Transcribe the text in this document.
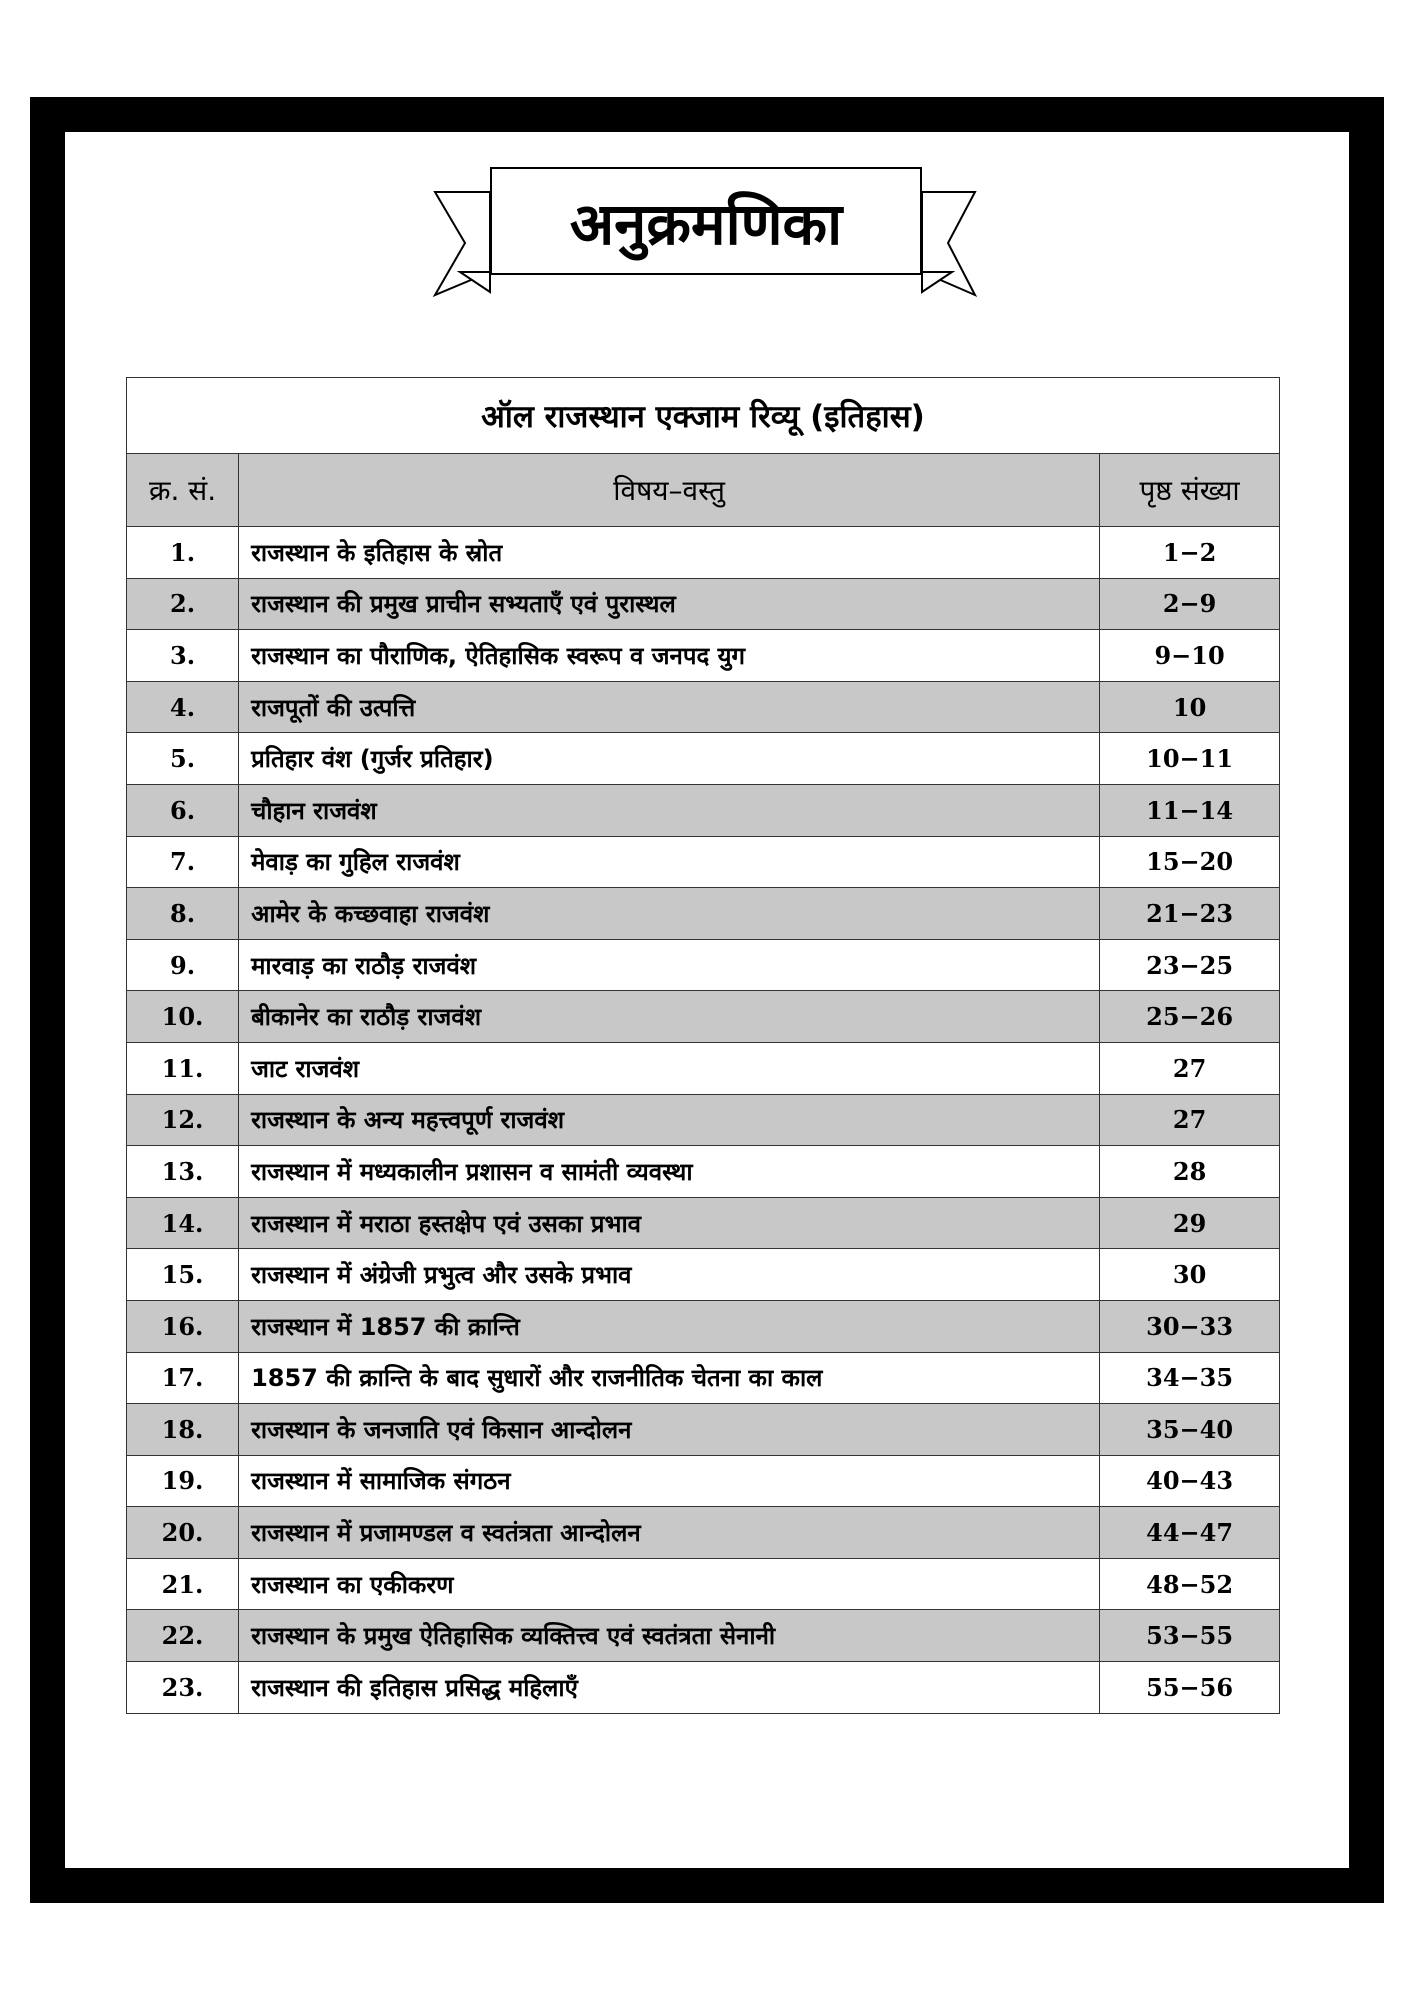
अनुक्रमणिका
ऑल राजस्थान एक्जाम रिव्यू (इतिहास)		
क्र. सं.	विषय–वस्तु	पृष्ठ संख्या
1.	राजस्थान के इतिहास के स्रोत	1−2
2.	राजस्थान की प्रमुख प्राचीन सभ्यताएँ एवं पुरास्थल	2−9
3.	राजस्थान का पौराणिक, ऐतिहासिक स्वरूप व जनपद युग	9−10
4.	राजपूतों की उत्पत्ति	10
5.	प्रतिहार वंश (गुर्जर प्रतिहार)	10−11
6.	चौहान राजवंश	11−14
7.	मेवाड़ का गुहिल राजवंश	15−20
8.	आमेर के कच्छवाहा राजवंश	21−23
9.	मारवाड़ का राठौड़ राजवंश	23−25
10.	बीकानेर का राठौड़ राजवंश	25−26
11.	जाट राजवंश	27
12.	राजस्थान के अन्य महत्त्वपूर्ण राजवंश	27
13.	राजस्थान में मध्यकालीन प्रशासन व सामंती व्यवस्था	28
14.	राजस्थान में मराठा हस्तक्षेप एवं उसका प्रभाव	29
15.	राजस्थान में अंग्रेजी प्रभुत्व और उसके प्रभाव	30
16.	राजस्थान में 1857 की क्रान्ति	30−33
17.	1857 की क्रान्ति के बाद सुधारों और राजनीतिक चेतना का काल	34−35
18.	राजस्थान के जनजाति एवं किसान आन्दोलन	35−40
19.	राजस्थान में सामाजिक संगठन	40−43
20.	राजस्थान में प्रजामण्डल व स्वतंत्रता आन्दोलन	44−47
21.	राजस्थान का एकीकरण	48−52
22.	राजस्थान के प्रमुख ऐतिहासिक व्यक्तित्त्व एवं स्वतंत्रता सेनानी	53−55
23.	राजस्थान की इतिहास प्रसिद्ध महिलाएँ	55−56
